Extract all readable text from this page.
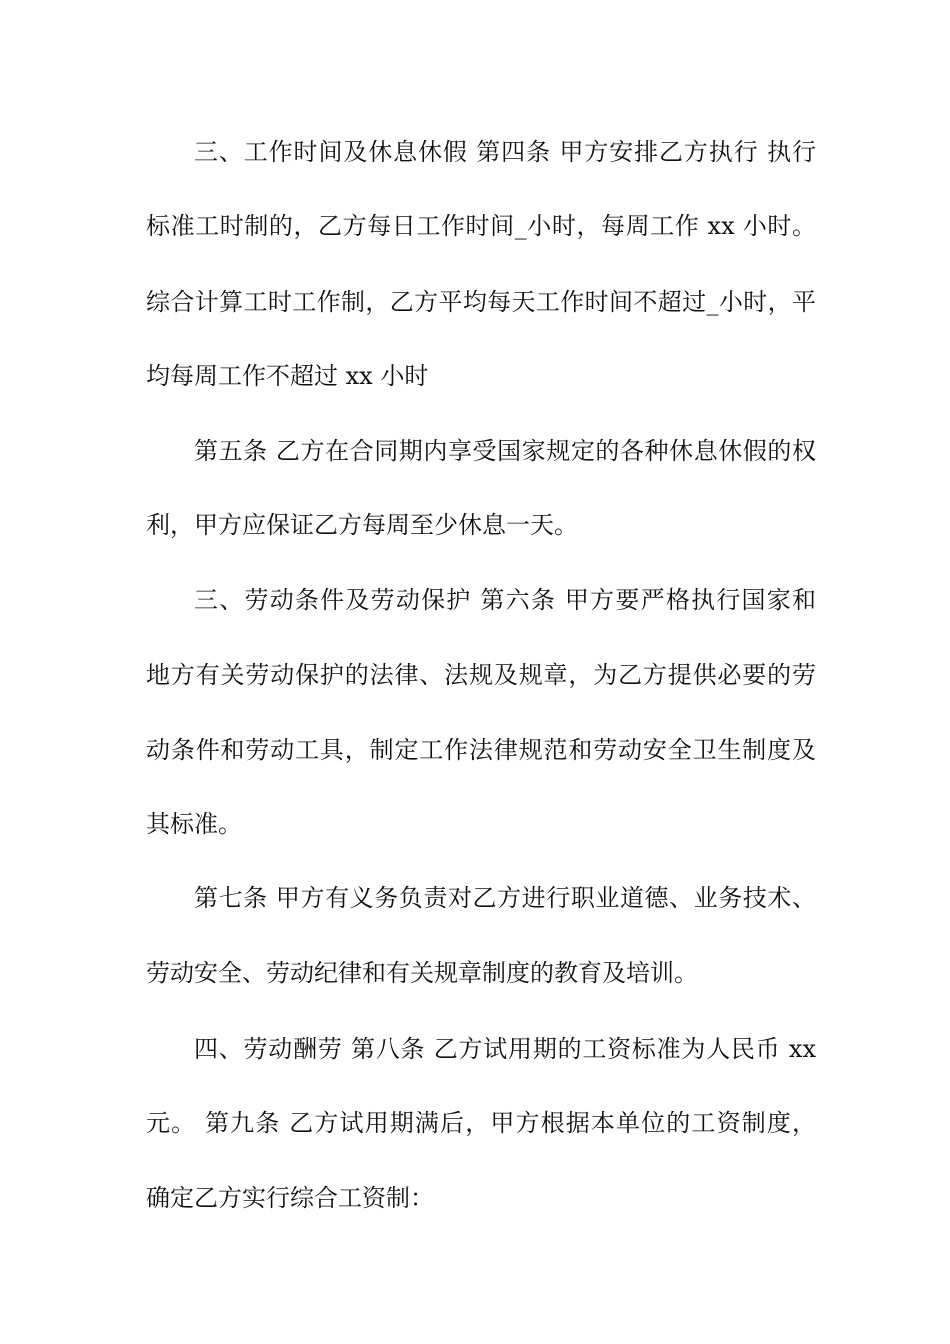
三、工作时间及休息休假 第四条 甲方安排乙方执行 执行
标准工时制的，乙方每日工作时间_小时，每周工作 xx 小时。
综合计算工时工作制，乙方平均每天工作时间不超过_小时，平
均每周工作不超过 xx 小时
第五条 乙方在合同期内享受国家规定的各种休息休假的权
利，甲方应保证乙方每周至少休息一天。
三、劳动条件及劳动保护 第六条 甲方要严格执行国家和
地方有关劳动保护的法律、法规及规章，为乙方提供必要的劳
动条件和劳动工具，制定工作法律规范和劳动安全卫生制度及
其标准。
第七条 甲方有义务负责对乙方进行职业道德、业务技术、
劳动安全、劳动纪律和有关规章制度的教育及培训。
四、劳动酬劳 第八条 乙方试用期的工资标准为人民币 xx
元。 第九条 乙方试用期满后，甲方根据本单位的工资制度，
确定乙方实行综合工资制：
